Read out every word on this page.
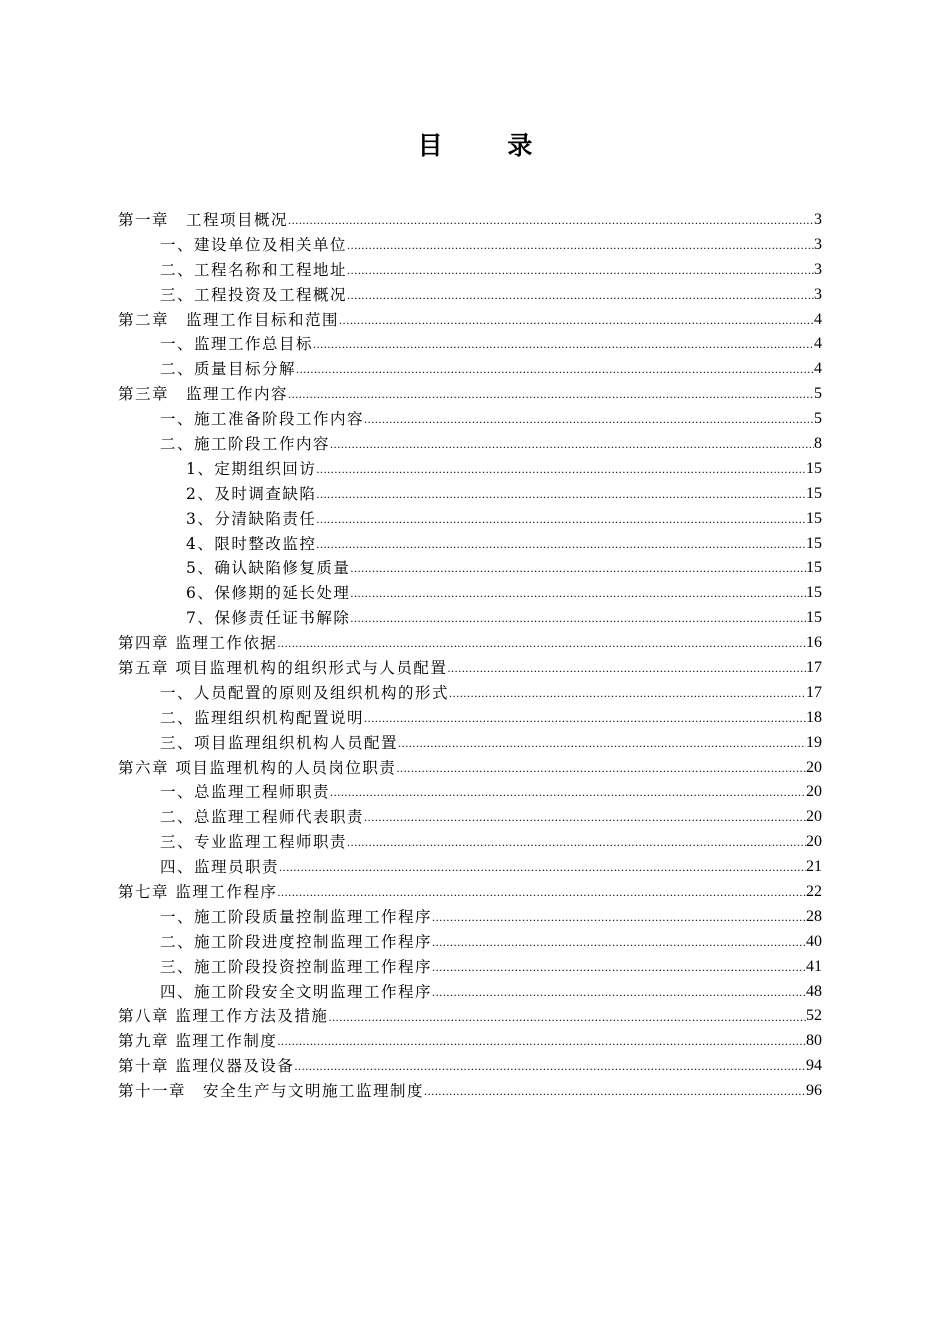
目 录
第一章　工程项目概况 .....	3
一、建设单位及相关单位 .....	3
二、工程名称和工程地址 .....	3
三、工程投资及工程概况 .....	3
第二章　监理工作目标和范围 .....	4
一、监理工作总目标 .....	4
二、质量目标分解 .....	4
第三章　监理工作内容 .....	5
一、施工准备阶段工作内容 .....	5
二、施工阶段工作内容 .....	8
1、定期组织回访 .....	15
2、及时调查缺陷 .....	15
3、分清缺陷责任 .....	15
4、限时整改监控 .....	15
5、确认缺陷修复质量 .....	15
6、保修期的延长处理 .....	15
7、保修责任证书解除 .....	15
第四章 监理工作依据 .....	16
第五章 项目监理机构的组织形式与人员配置 .....	17
一、人员配置的原则及组织机构的形式 .....	17
二、监理组织机构配置说明 .....	18
三、项目监理组织机构人员配置 .....	19
第六章 项目监理机构的人员岗位职责 .....	20
一、总监理工程师职责 .....	20
二、总监理工程师代表职责 .....	20
三、专业监理工程师职责 .....	20
四、监理员职责 .....	21
第七章 监理工作程序 .....	22
一、施工阶段质量控制监理工作程序 .....	28
二、施工阶段进度控制监理工作程序 .....	40
三、施工阶段投资控制监理工作程序 .....	41
四、施工阶段安全文明监理工作程序 .....	48
第八章 监理工作方法及措施 .....	52
第九章 监理工作制度 .....	80
第十章 监理仪器及设备 .....	94
第十一章　安全生产与文明施工监理制度 .....	96
